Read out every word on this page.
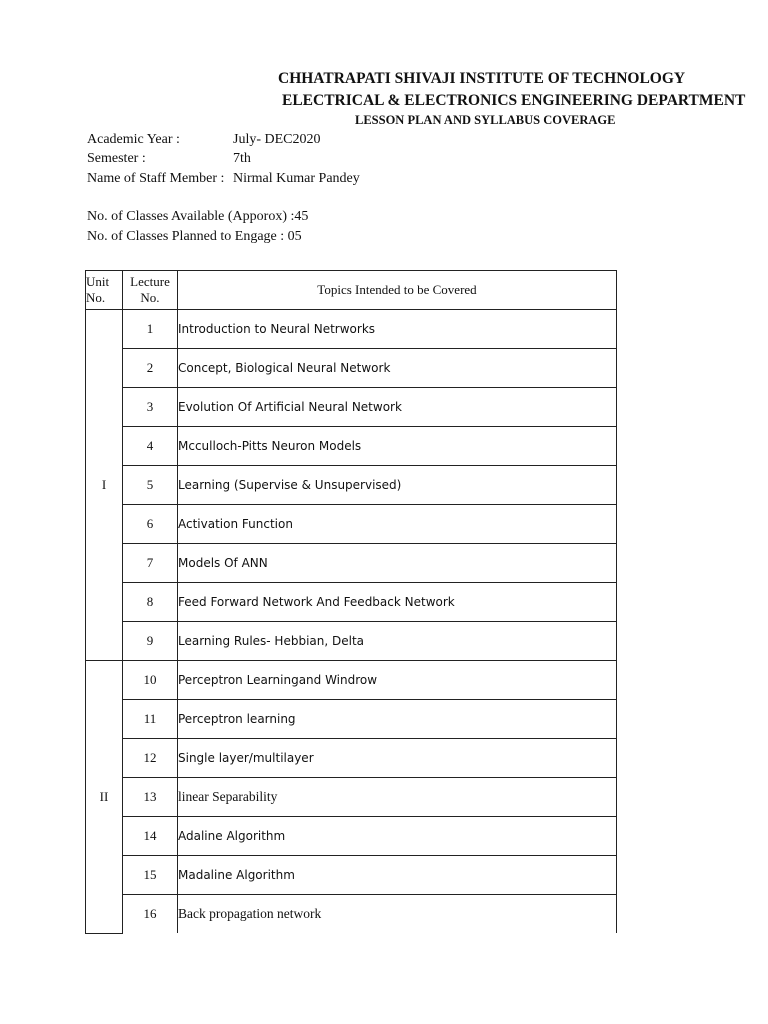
CHHATRAPATI SHIVAJI INSTITUTE OF TECHNOLOGY
ELECTRICAL & ELECTRONICS ENGINEERING DEPARTMENT
LESSON PLAN AND SYLLABUS COVERAGE
Academic Year :	July- DEC2020
Semester :	7th
Name of Staff Member : Nirmal Kumar Pandey
No. of Classes Available (Apporox) :45
No. of Classes Planned to Engage : 05
Unit No.	Lecture No.	Topics Intended to be Covered
I	1	Introduction to Neural Netrworks
	2	Concept, Biological Neural Network
	3	Evolution Of Artificial Neural Network
	4	Mcculloch-Pitts Neuron Models
	5	Learning (Supervise & Unsupervised)
	6	Activation Function
	7	Models Of ANN
	8	Feed Forward Network And Feedback Network
	9	Learning Rules- Hebbian, Delta
II	10	Perceptron Learningand Windrow
	11	Perceptron learning
	12	Single layer/multilayer
	13	linear Separability
	14	Adaline Algorithm
	15	Madaline Algorithm
	16	Back propagation network
